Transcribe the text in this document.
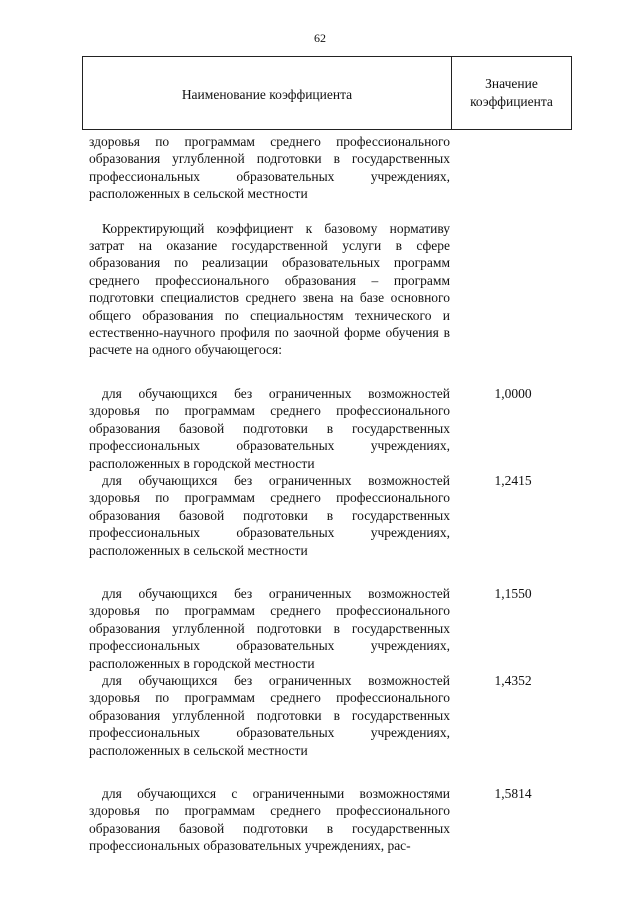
62
Наименование коэффициента
Значение
коэффициента
здоровья по программам среднего профессионального образования углубленной подготовки в государственных профессиональных образовательных учреждениях, расположенных в сельской местности
Корректирующий коэффициент к базовому нормативу затрат на оказание государственной услуги в сфере образования по реализации образовательных программ среднего профессионального образования – программ подготовки специалистов среднего звена на базе основного общего образования по специальностям технического и естественно-научного профиля по заочной форме обучения в расчете на одного обучающегося:
для обучающихся без ограниченных возможностей здоровья по программам среднего профессионального образования базовой подготовки в государственных профессиональных образовательных учреждениях, расположенных в городской местности
1,0000
для обучающихся без ограниченных возможностей здоровья по программам среднего профессионального образования базовой подготовки в государственных профессиональных образовательных учреждениях, расположенных в сельской местности
1,2415
для обучающихся без ограниченных возможностей здоровья по программам среднего профессионального образования углубленной подготовки в государственных профессиональных образовательных учреждениях, расположенных в городской местности
1,1550
для обучающихся без ограниченных возможностей здоровья по программам среднего профессионального образования углубленной подготовки в государственных профессиональных образовательных учреждениях, расположенных в сельской местности
1,4352
для обучающихся с ограниченными возможностями здоровья по программам среднего профессионального образования базовой подготовки в государственных профессиональных образовательных учреждениях, рас-
1,5814
